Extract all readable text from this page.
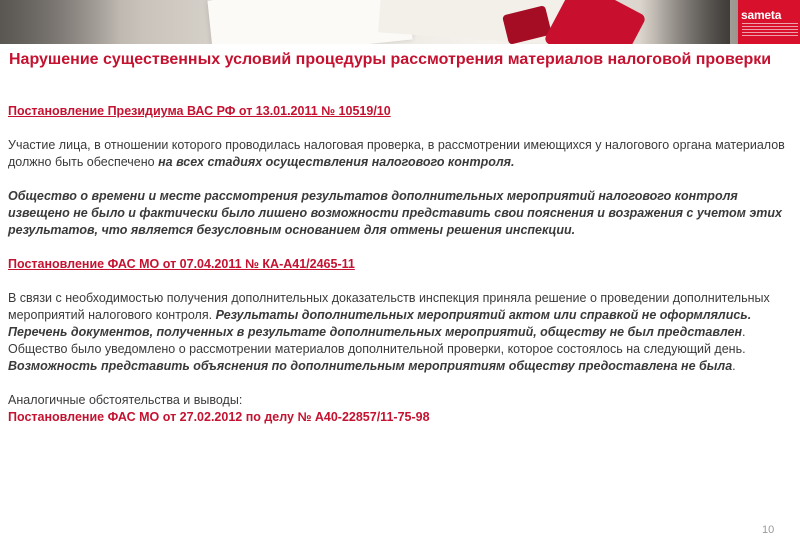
sameta
Нарушение существенных условий процедуры рассмотрения материалов налоговой проверки

Постановление Президиума ВАС РФ от 13.01.2011 № 10519/10

Участие лица, в отношении которого проводилась налоговая проверка, в рассмотрении имеющихся у налогового органа материалов должно быть обеспечено на всех стадиях осуществления налогового контроля.

Общество о времени и месте рассмотрения результатов дополнительных мероприятий налогового контроля извещено не было и фактически было лишено возможности представить свои пояснения и возражения с учетом этих результатов, что является безусловным основанием для отмены решения инспекции.

Постановление ФАС МО от 07.04.2011 № КА-А41/2465-11

В связи с необходимостью получения дополнительных доказательств инспекция приняла решение о проведении дополнительных мероприятий налогового контроля. Результаты дополнительных мероприятий актом или справкой не оформлялись. Перечень документов, полученных в результате дополнительных мероприятий, обществу не был представлен. Общество было уведомлено о рассмотрении материалов дополнительной проверки, которое состоялось на следующий день. Возможность представить объяснения по дополнительным мероприятиям обществу предоставлена не была.

Аналогичные обстоятельства и выводы:

Постановление ФАС МО от 27.02.2012 по делу № А40-22857/11-75-98

10
